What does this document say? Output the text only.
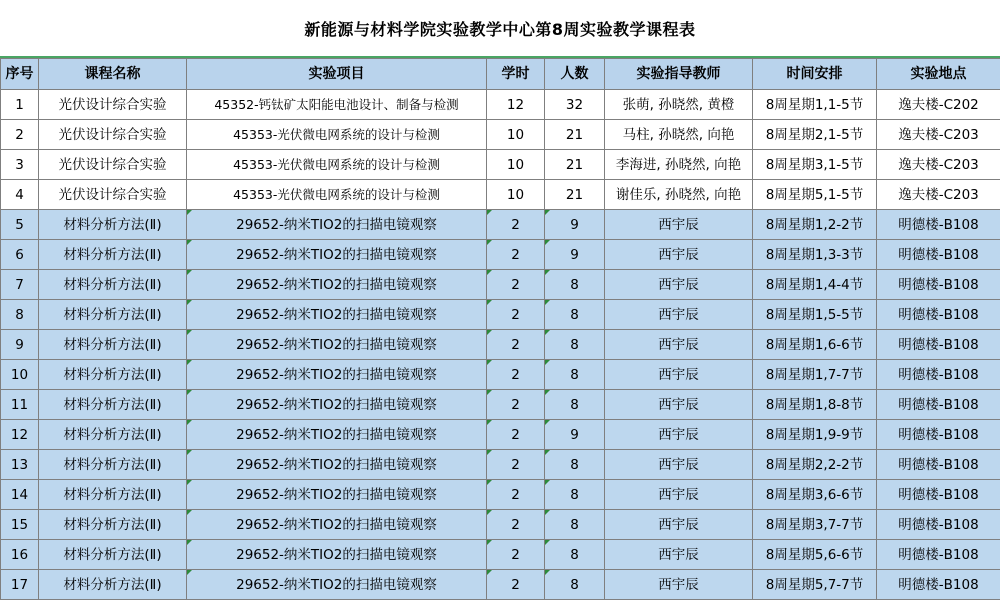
新能源与材料学院实验教学中心第8周实验教学课程表
序号	课程名称	实验项目	学时	人数	实验指导教师	时间安排	实验地点
1	光伏设计综合实验	45352-钙钛矿太阳能电池设计、制备与检测	12	32	张萌, 孙晓然, 黄橙	8周星期1,1-5节	逸夫楼-C202
2	光伏设计综合实验	45353-光伏微电网系统的设计与检测	10	21	马柱, 孙晓然, 向艳	8周星期2,1-5节	逸夫楼-C203
3	光伏设计综合实验	45353-光伏微电网系统的设计与检测	10	21	李海进, 孙晓然, 向艳	8周星期3,1-5节	逸夫楼-C203
4	光伏设计综合实验	45353-光伏微电网系统的设计与检测	10	21	谢佳乐, 孙晓然, 向艳	8周星期5,1-5节	逸夫楼-C203
5	材料分析方法(Ⅱ)	29652-纳米TIO2的扫描电镜观察	2	9	西宇辰	8周星期1,2-2节	明德楼-B108
6	材料分析方法(Ⅱ)	29652-纳米TIO2的扫描电镜观察	2	9	西宇辰	8周星期1,3-3节	明德楼-B108
7	材料分析方法(Ⅱ)	29652-纳米TIO2的扫描电镜观察	2	8	西宇辰	8周星期1,4-4节	明德楼-B108
8	材料分析方法(Ⅱ)	29652-纳米TIO2的扫描电镜观察	2	8	西宇辰	8周星期1,5-5节	明德楼-B108
9	材料分析方法(Ⅱ)	29652-纳米TIO2的扫描电镜观察	2	8	西宇辰	8周星期1,6-6节	明德楼-B108
10	材料分析方法(Ⅱ)	29652-纳米TIO2的扫描电镜观察	2	8	西宇辰	8周星期1,7-7节	明德楼-B108
11	材料分析方法(Ⅱ)	29652-纳米TIO2的扫描电镜观察	2	8	西宇辰	8周星期1,8-8节	明德楼-B108
12	材料分析方法(Ⅱ)	29652-纳米TIO2的扫描电镜观察	2	9	西宇辰	8周星期1,9-9节	明德楼-B108
13	材料分析方法(Ⅱ)	29652-纳米TIO2的扫描电镜观察	2	8	西宇辰	8周星期2,2-2节	明德楼-B108
14	材料分析方法(Ⅱ)	29652-纳米TIO2的扫描电镜观察	2	8	西宇辰	8周星期3,6-6节	明德楼-B108
15	材料分析方法(Ⅱ)	29652-纳米TIO2的扫描电镜观察	2	8	西宇辰	8周星期3,7-7节	明德楼-B108
16	材料分析方法(Ⅱ)	29652-纳米TIO2的扫描电镜观察	2	8	西宇辰	8周星期5,6-6节	明德楼-B108
17	材料分析方法(Ⅱ)	29652-纳米TIO2的扫描电镜观察	2	8	西宇辰	8周星期5,7-7节	明德楼-B108
